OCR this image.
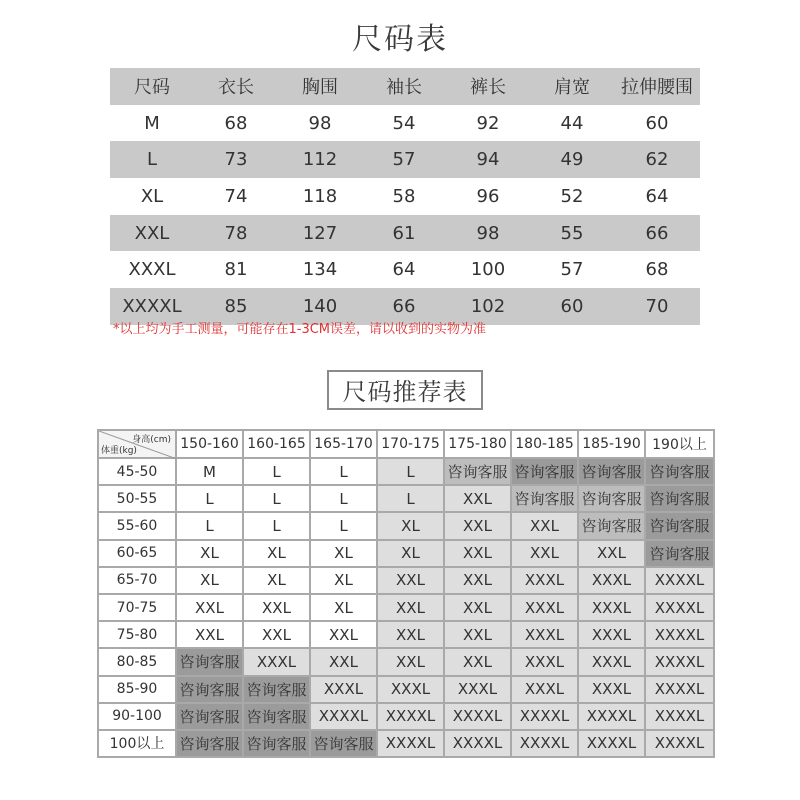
尺码表
尺码	衣长	胸围	袖长	裤长	肩宽	拉伸腰围
M	68	98	54	92	44	60
L	73	112	57	94	49	62
XL	74	118	58	96	52	64
XXL	78	127	61	98	55	66
XXXL	81	134	64	100	57	68
XXXXL	85	140	66	102	60	70
*以上均为手工测量，可能存在1-3CM误差，请以收到的实物为准
尺码推荐表
身高(cm)
体重(kg)	150-160	160-165	165-170	170-175	175-180	180-185	185-190	190以上
45-50	M	L	L	L	咨询客服	咨询客服	咨询客服	咨询客服
50-55	L	L	L	L	XXL	咨询客服	咨询客服	咨询客服
55-60	L	L	L	XL	XXL	XXL	咨询客服	咨询客服
60-65	XL	XL	XL	XL	XXL	XXL	XXL	咨询客服
65-70	XL	XL	XL	XXL	XXL	XXXL	XXXL	XXXXL
70-75	XXL	XXL	XL	XXL	XXL	XXXL	XXXL	XXXXL
75-80	XXL	XXL	XXL	XXL	XXL	XXXL	XXXL	XXXXL
80-85	咨询客服	XXXL	XXL	XXL	XXL	XXXL	XXXL	XXXXL
85-90	咨询客服	咨询客服	XXXL	XXXL	XXXL	XXXL	XXXL	XXXXL
90-100	咨询客服	咨询客服	XXXXL	XXXXL	XXXXL	XXXXL	XXXXL	XXXXL
100以上	咨询客服	咨询客服	咨询客服	XXXXL	XXXXL	XXXXL	XXXXL	XXXXL
